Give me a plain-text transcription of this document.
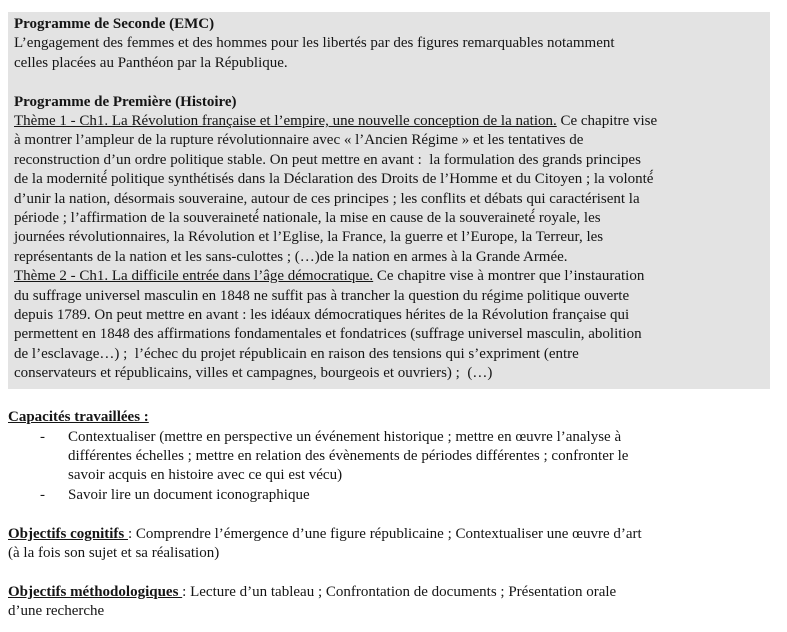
Programme de Seconde (EMC)
L’engagement des femmes et des hommes pour les libertés par des figures remarquables notamment
celles placées au Panthéon par la République.
Programme de Première (Histoire)
Thème 1 - Ch1. La Révolution française et l’empire, une nouvelle conception de la nation. Ce chapitre vise
à montrer l’ampleur de la rupture révolutionnaire avec « l’Ancien Régime » et les tentatives de
reconstruction d’un ordre politique stable. On peut mettre en avant :  la formulation des grands principes
de la modernité́ politique synthétisés dans la Déclaration des Droits de l’Homme et du Citoyen ; la volonté́
d’unir la nation, désormais souveraine, autour de ces principes ; les conflits et débats qui caractérisent la
période ; l’affirmation de la souveraineté́ nationale, la mise en cause de la souveraineté́ royale, les
journées révolutionnaires, la Révolution et l’Eglise, la France, la guerre et l’Europe, la Terreur, les
représentants de la nation et les sans-culottes ; (…)de la nation en armes à la Grande Armée.
Thème 2 - Ch1. La difficile entrée dans l’âge démocratique. Ce chapitre vise à montrer que l’instauration
du suffrage universel masculin en 1848 ne suffit pas à trancher la question du régime politique ouverte
depuis 1789. On peut mettre en avant : les idéaux démocratiques hérites de la Révolution française qui
permettent en 1848 des affirmations fondamentales et fondatrices (suffrage universel masculin, abolition
de l’esclavage…) ;  l’échec du projet républicain en raison des tensions qui s’expriment (entre
conservateurs et républicains, villes et campagnes, bourgeois et ouvriers) ;  (…)
Capacités travaillées :
- Contextualiser (mettre en perspective un événement historique ; mettre en œuvre l’analyse à
différentes échelles ; mettre en relation des évènements de périodes différentes ; confronter le
savoir acquis en histoire avec ce qui est vécu)
- Savoir lire un document iconographique
Objectifs cognitifs : Comprendre l’émergence d’une figure républicaine ; Contextualiser une œuvre d’art
(à la fois son sujet et sa réalisation)
Objectifs méthodologiques : Lecture d’un tableau ; Confrontation de documents ; Présentation orale
d’une recherche
